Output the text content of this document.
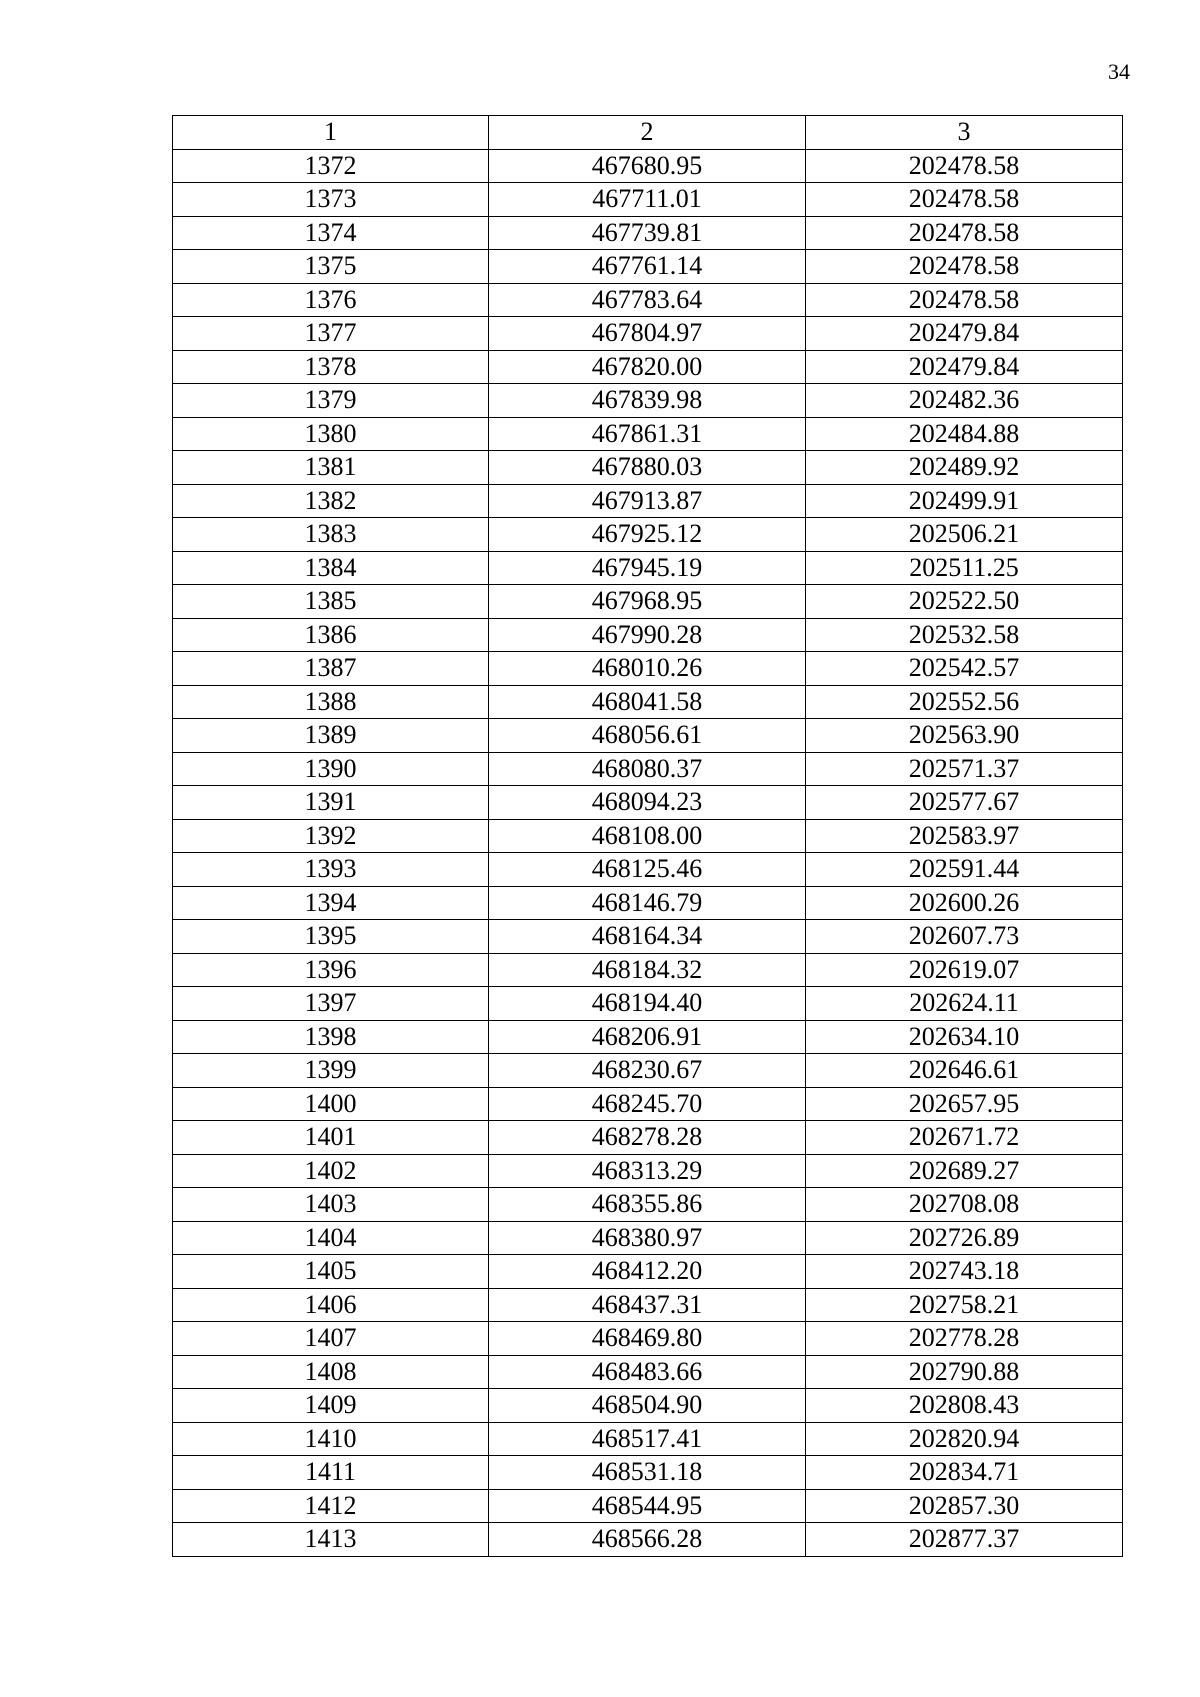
34
1	2	3
1372	467680.95	202478.58
1373	467711.01	202478.58
1374	467739.81	202478.58
1375	467761.14	202478.58
1376	467783.64	202478.58
1377	467804.97	202479.84
1378	467820.00	202479.84
1379	467839.98	202482.36
1380	467861.31	202484.88
1381	467880.03	202489.92
1382	467913.87	202499.91
1383	467925.12	202506.21
1384	467945.19	202511.25
1385	467968.95	202522.50
1386	467990.28	202532.58
1387	468010.26	202542.57
1388	468041.58	202552.56
1389	468056.61	202563.90
1390	468080.37	202571.37
1391	468094.23	202577.67
1392	468108.00	202583.97
1393	468125.46	202591.44
1394	468146.79	202600.26
1395	468164.34	202607.73
1396	468184.32	202619.07
1397	468194.40	202624.11
1398	468206.91	202634.10
1399	468230.67	202646.61
1400	468245.70	202657.95
1401	468278.28	202671.72
1402	468313.29	202689.27
1403	468355.86	202708.08
1404	468380.97	202726.89
1405	468412.20	202743.18
1406	468437.31	202758.21
1407	468469.80	202778.28
1408	468483.66	202790.88
1409	468504.90	202808.43
1410	468517.41	202820.94
1411	468531.18	202834.71
1412	468544.95	202857.30
1413	468566.28	202877.37
